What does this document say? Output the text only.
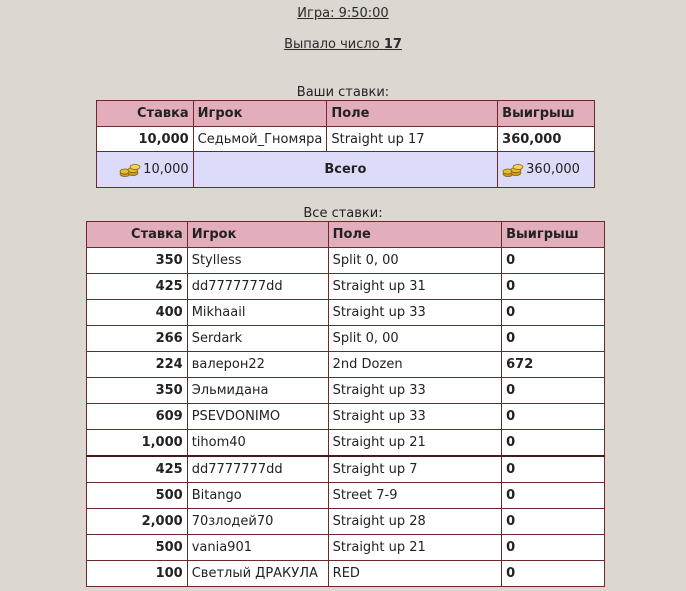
Игра: 9:50:00
Выпало число 17
Ваши ставки:
Ставка	Игрок	Поле	Выигрыш
10,000	Седьмой_Гномяра	Straight up 17	360,000
10,000	Всего		360,000
Все ставки:
Ставка	Игрок	Поле	Выигрыш
350	Stylless	Split 0, 00	0
425	dd7777777dd	Straight up 31	0
400	Mikhaail	Straight up 33	0
266	Serdark	Split 0, 00	0
224	валерон22	2nd Dozen	672
350	Эльмидана	Straight up 33	0
609	PSEVDONIMO	Straight up 33	0
1,000	tihom40	Straight up 21	0
425	dd7777777dd	Straight up 7	0
500	Bitango	Street 7-9	0
2,000	70злодей70	Straight up 28	0
500	vania901	Straight up 21	0
100	Светлый ДРАКУЛА	RED	0
